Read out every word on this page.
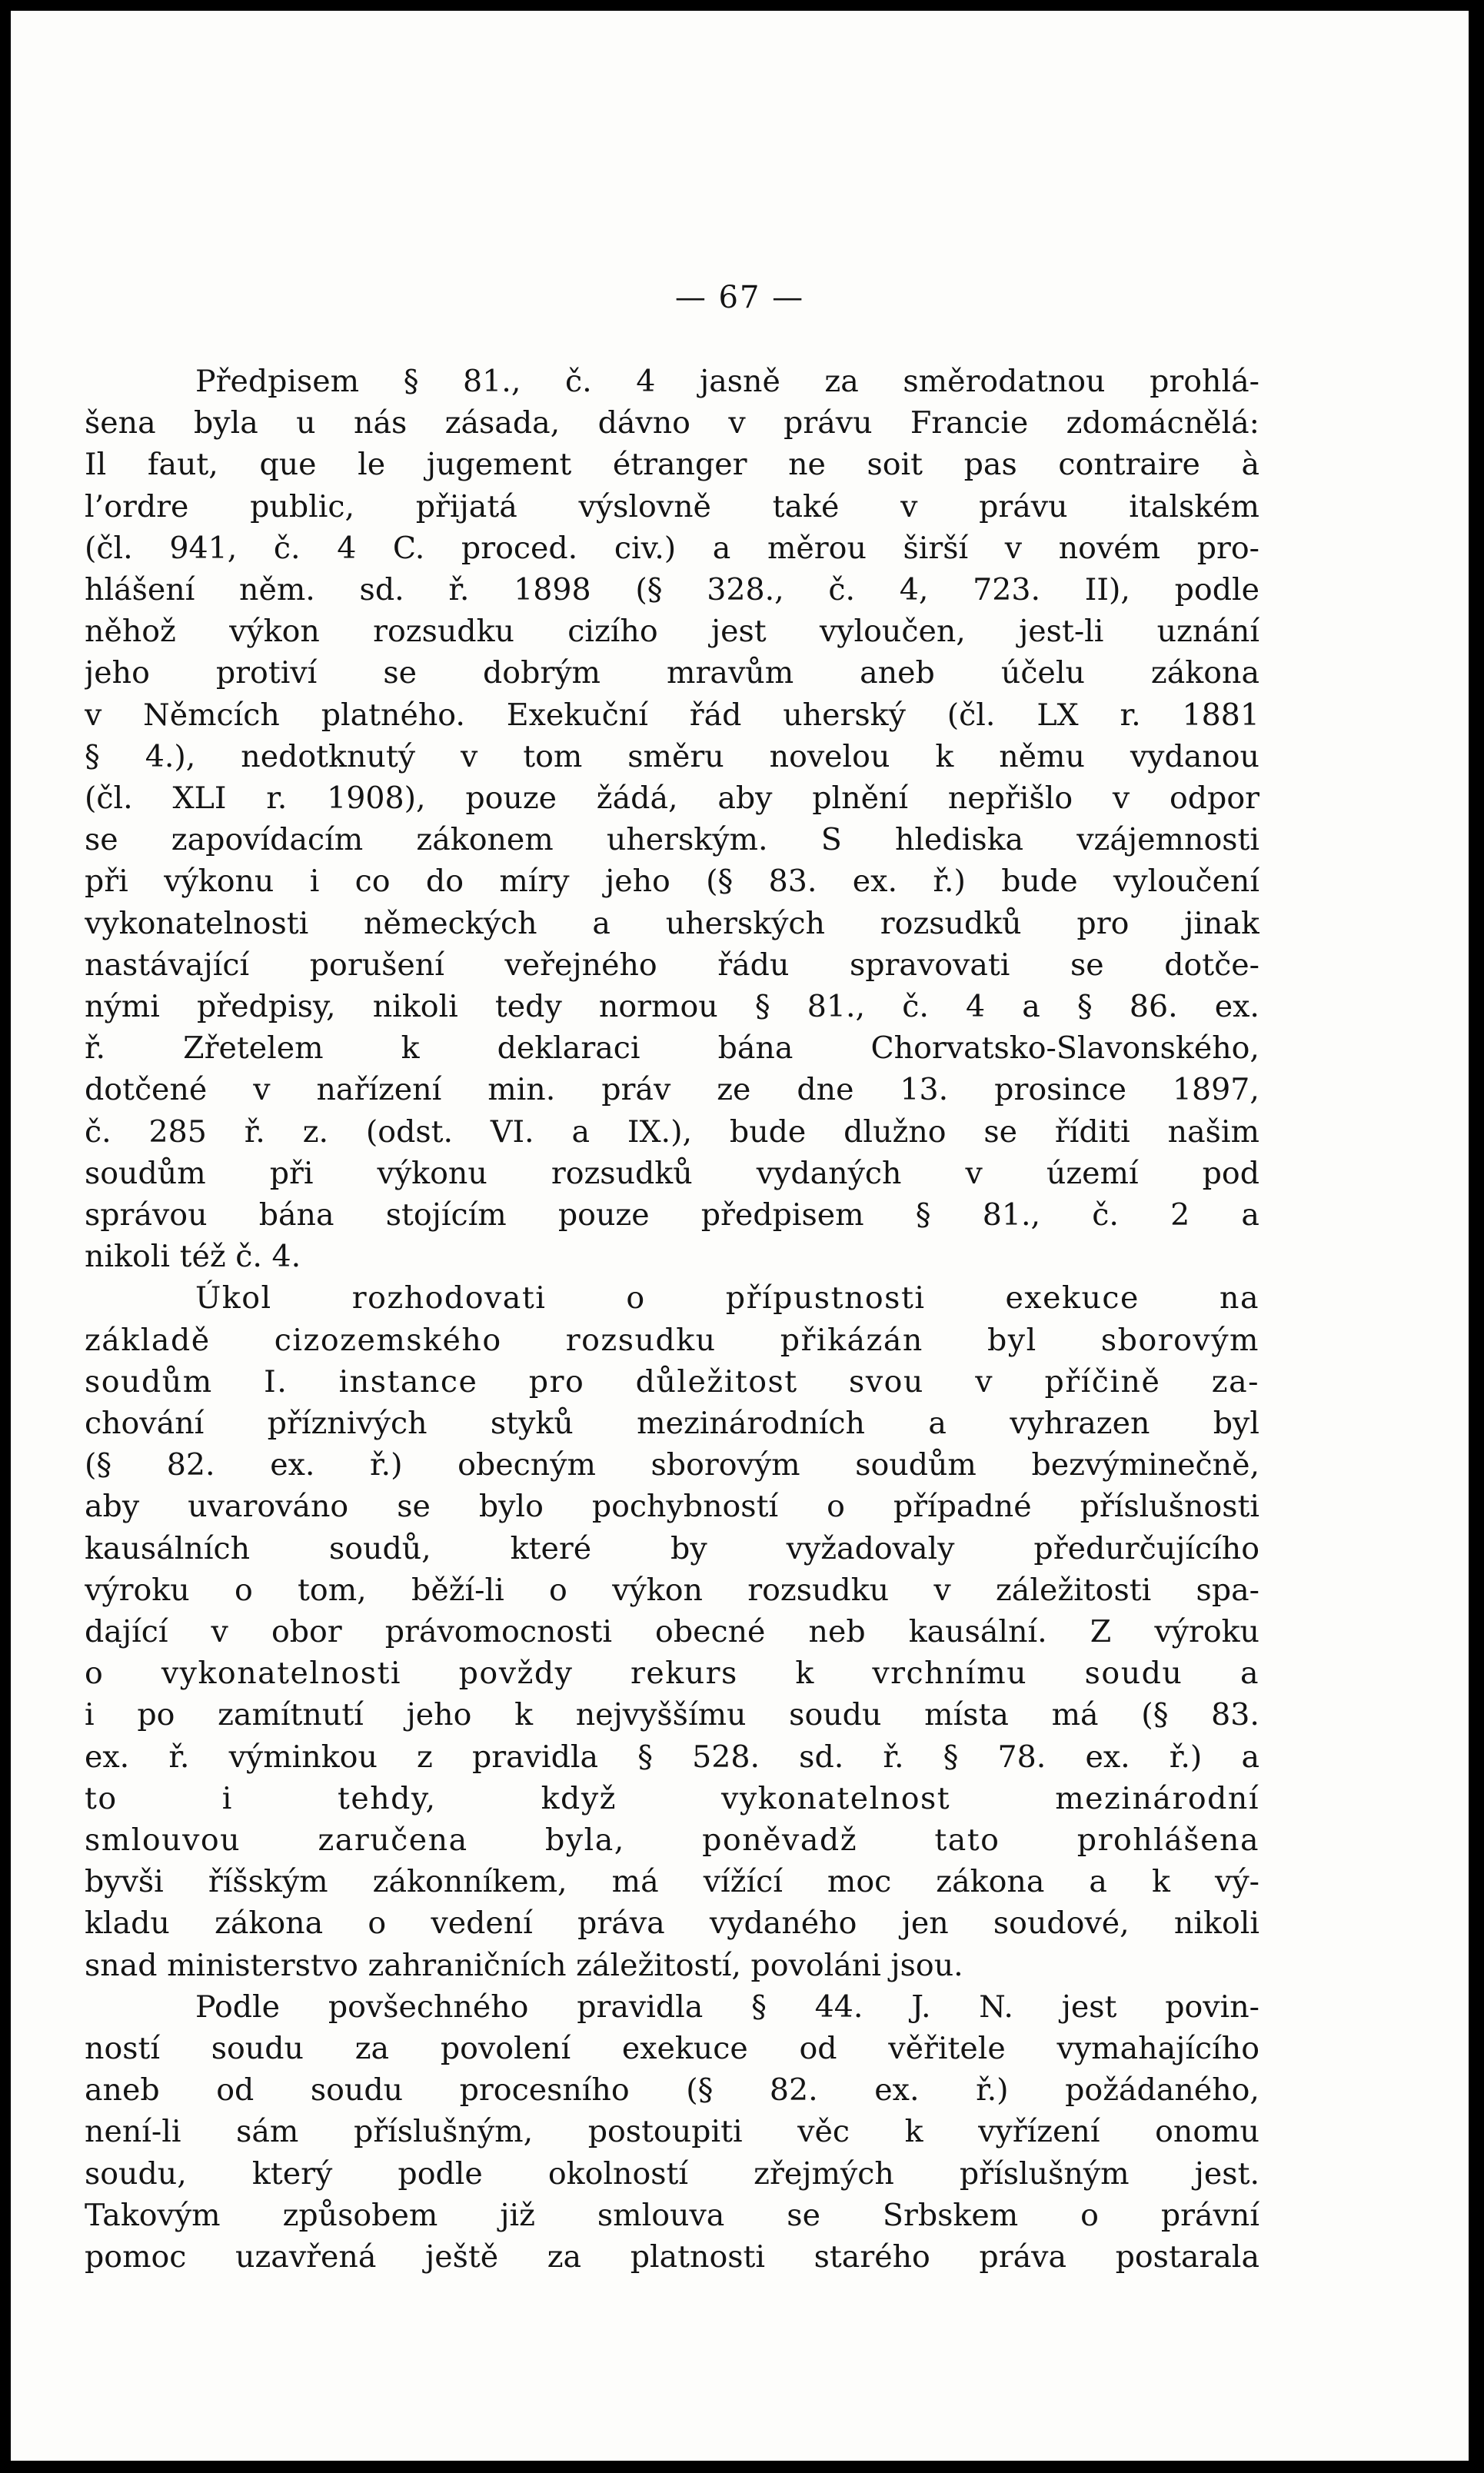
— 67 —
Předpisem § 81., č. 4 jasně za směrodatnou prohlá-
šena byla u nás zásada, dávno v právu Francie zdomácnělá:
Il faut, que le jugement étranger ne soit pas contraire à
l’ordre public, přijatá výslovně také v právu italském
(čl. 941, č. 4 C. proced. civ.) a měrou širší v novém pro-
hlášení něm. sd. ř. 1898 (§ 328., č. 4, 723. II), podle
něhož výkon rozsudku cizího jest vyloučen, jest-li uznání
jeho protiví se dobrým mravům aneb účelu zákona
v Němcích platného. Exekuční řád uherský (čl. LX r. 1881
§ 4.), nedotknutý v tom směru novelou k němu vydanou
(čl. XLI r. 1908), pouze žádá, aby plnění nepřišlo v odpor
se zapovídacím zákonem uherským. S hlediska vzájemnosti
při výkonu i co do míry jeho (§ 83. ex. ř.) bude vyloučení
vykonatelnosti německých a uherských rozsudků pro jinak
nastávající porušení veřejného řádu spravovati se dotče-
nými předpisy, nikoli tedy normou § 81., č. 4 a § 86. ex.
ř. Zřetelem k deklaraci bána Chorvatsko-Slavonského,
dotčené v nařízení min. práv ze dne 13. prosince 1897,
č. 285 ř. z. (odst. VI. a IX.), bude dlužno se říditi našim
soudům při výkonu rozsudků vydaných v území pod
správou bána stojícím pouze předpisem § 81., č. 2 a
nikoli též č. 4.
Úkol rozhodovati o přípustnosti exekuce na
základě cizozemského rozsudku přikázán byl sborovým
soudům I. instance pro důležitost svou v příčině za-
chování příznivých styků mezinárodních a vyhrazen byl
(§ 82. ex. ř.) obecným sborovým soudům bezvýminečně,
aby uvarováno se bylo pochybností o případné příslušnosti
kausálních soudů, které by vyžadovaly předurčujícího
výroku o tom, běží-li o výkon rozsudku v záležitosti spa-
dající v obor právomocnosti obecné neb kausální. Z výroku
o vykonatelnosti povždy rekurs k vrchnímu soudu a
i po zamítnutí jeho k nejvyššímu soudu místa má (§ 83.
ex. ř. výminkou z pravidla § 528. sd. ř. § 78. ex. ř.) a
to i tehdy, když vykonatelnost mezinárodní
smlouvou zaručena byla, poněvadž tato prohlášena
byvši říšským zákonníkem, má vížící moc zákona a k vý-
kladu zákona o vedení práva vydaného jen soudové, nikoli
snad ministerstvo zahraničních záležitostí, povoláni jsou.
Podle povšechného pravidla § 44. J. N. jest povin-
ností soudu za povolení exekuce od věřitele vymahajícího
aneb od soudu procesního (§ 82. ex. ř.) požádaného,
není-li sám příslušným, postoupiti věc k vyřízení onomu
soudu, který podle okolností zřejmých příslušným jest.
Takovým způsobem již smlouva se Srbskem o právní
pomoc uzavřená ještě za platnosti starého práva postarala
